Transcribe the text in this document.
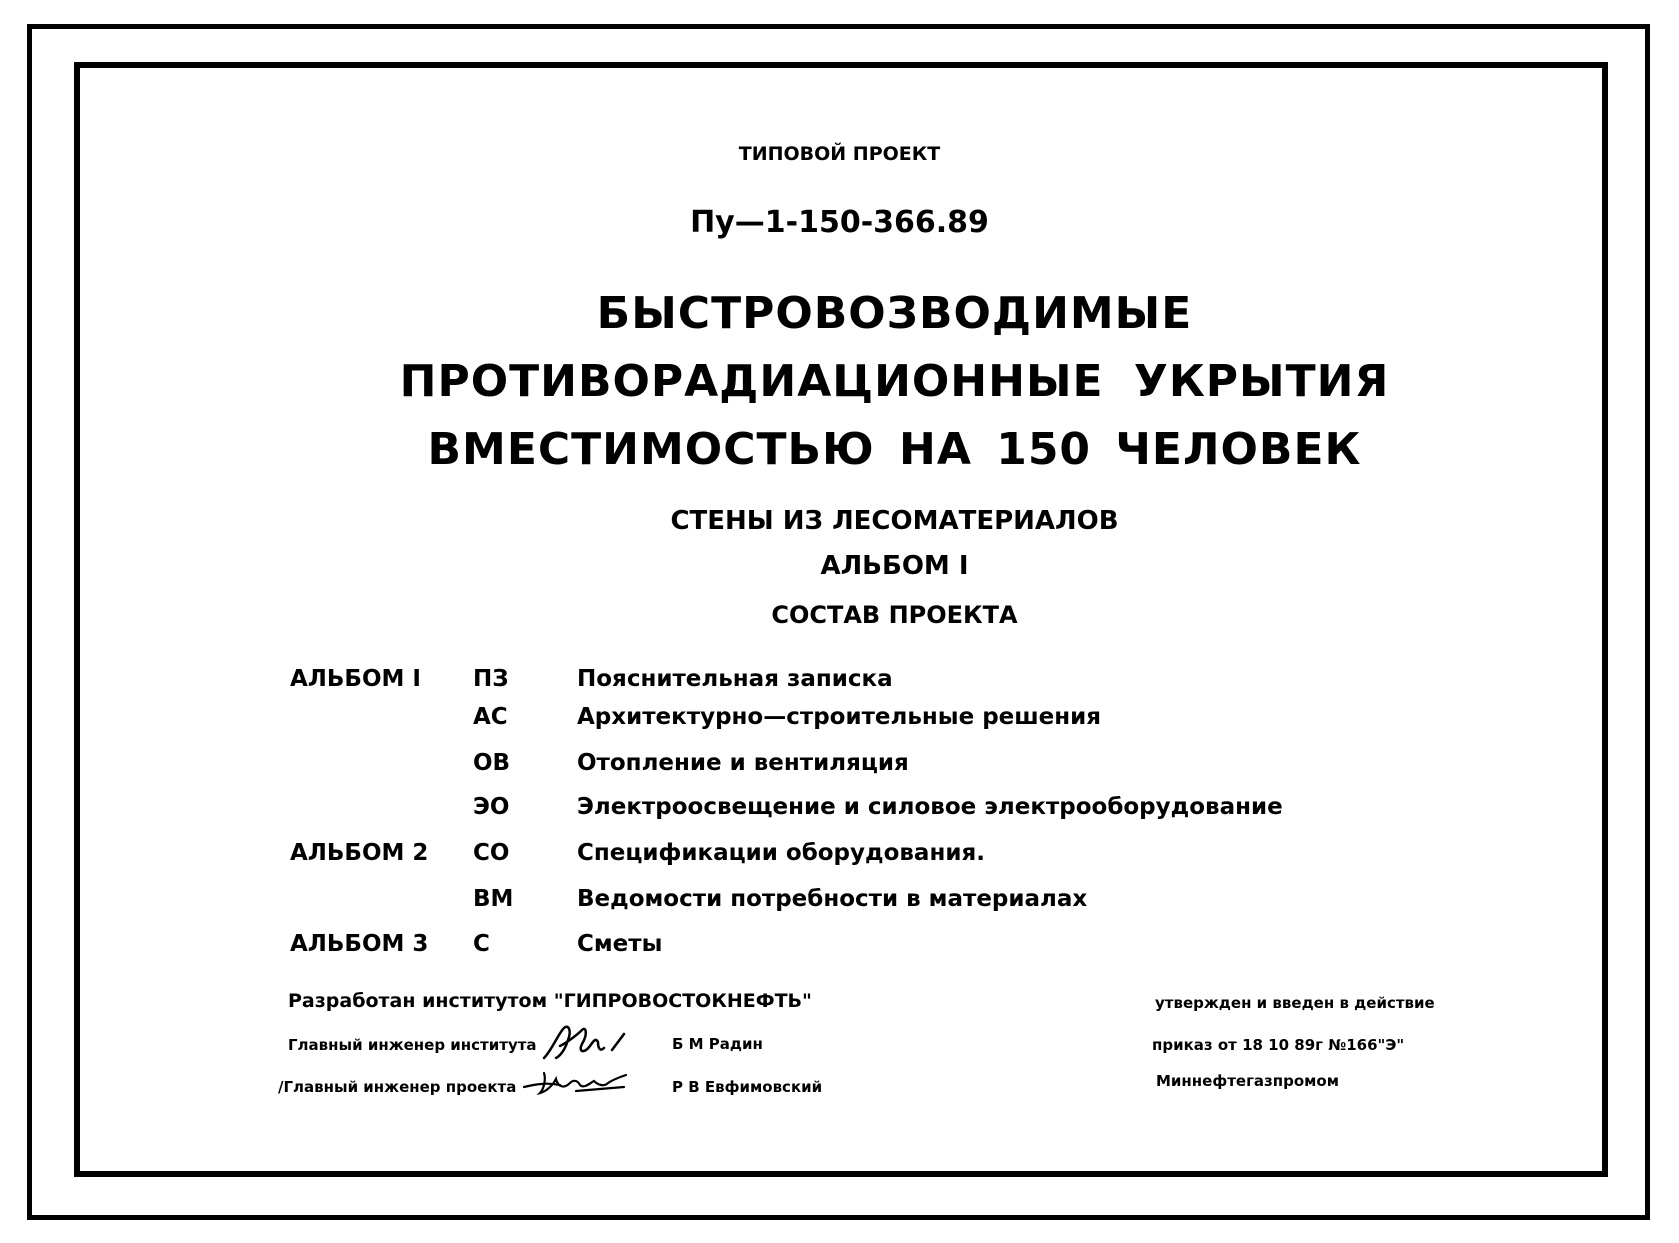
ТИПОВОЙ ПРОЕКТ
Пу—1-150-366.89
БЫСТРОВОЗВОДИМЫЕ
ПРОТИВОРАДИАЦИОННЫЕ УКРЫТИЯ
ВМЕСТИМОСТЬЮ НА 150 ЧЕЛОВЕК
СТЕНЫ ИЗ ЛЕСОМАТЕРИАЛОВ
АЛЬБОМ I
СОСТАВ ПРОЕКТА
АЛЬБОМ I ПЗ	Пояснительная записка
АС	Архитектурно—строительные решения
ОВ	Отопление и вентиляция
ЭО	Электроосвещение и силовое электрооборудование
АЛЬБОМ 2 СО	Спецификации оборудования.
ВМ	Ведомости потребности в материалах
АЛЬБОМ 3 С	Сметы
Разработан институтом "ГИПРОВОСТОКНЕФТЬ"
Главный инженер института	Б М Радин
/Главный инженер проекта	Р В Евфимовский
утвержден и введен в действие
приказ от 18 10 89г №166"Э"
Миннефтегазпромом
